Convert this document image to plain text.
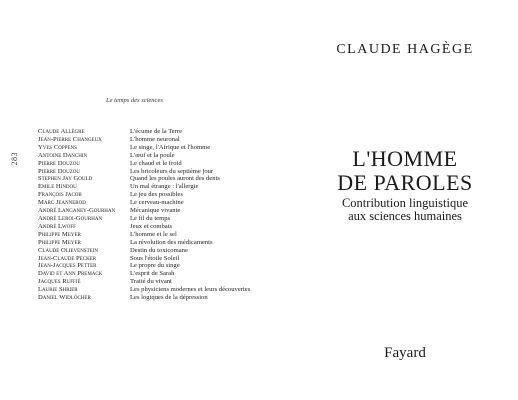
283
Le temps des sciences
Claude Allègre	L'écume de la Terre
Jean-Pierre Changeux	L'homme neuronal
Yves Coppens	Le singe, l'Afrique et l'homme
Antoine Danchin	L'œuf et la poule
Pierre Douzou	Le chaud et le froid
Pierre Douzou	Les bricoleurs du septième jour
Stephen Jay Gould	Quand les poules auront des dents
Émile Hindou	Un mal étrange : l'allergie
François Jacob	Le jeu des possibles
Marc Jeannerod	Le cerveau-machine
André Langaney-Gourhan	Mécanique vivante
André Leroi-Gourhan	Le fil du temps
André Lwoff	Jeux et combats
Philippe Meyer	L'homme et le sel
Philippe Meyer	La révolution des médicaments
Claude Olievenstein	Destin du toxicomane
Jean-Claude Pecker	Sous l'étoile Soleil
Jean-Jacques Petter	Le propre du singe
David et Ann Premack	L'esprit de Sarah
Jacques Ruffié	Traité du vivant
Laurie Shrier	Les physiciens modernes et leurs découvertes
Daniel Widlöcher	Les logiques de la dépression
CLAUDE HAGÈGE
L'HOMME
DE PAROLES
Contribution linguistique
aux sciences humaines
Fayard
